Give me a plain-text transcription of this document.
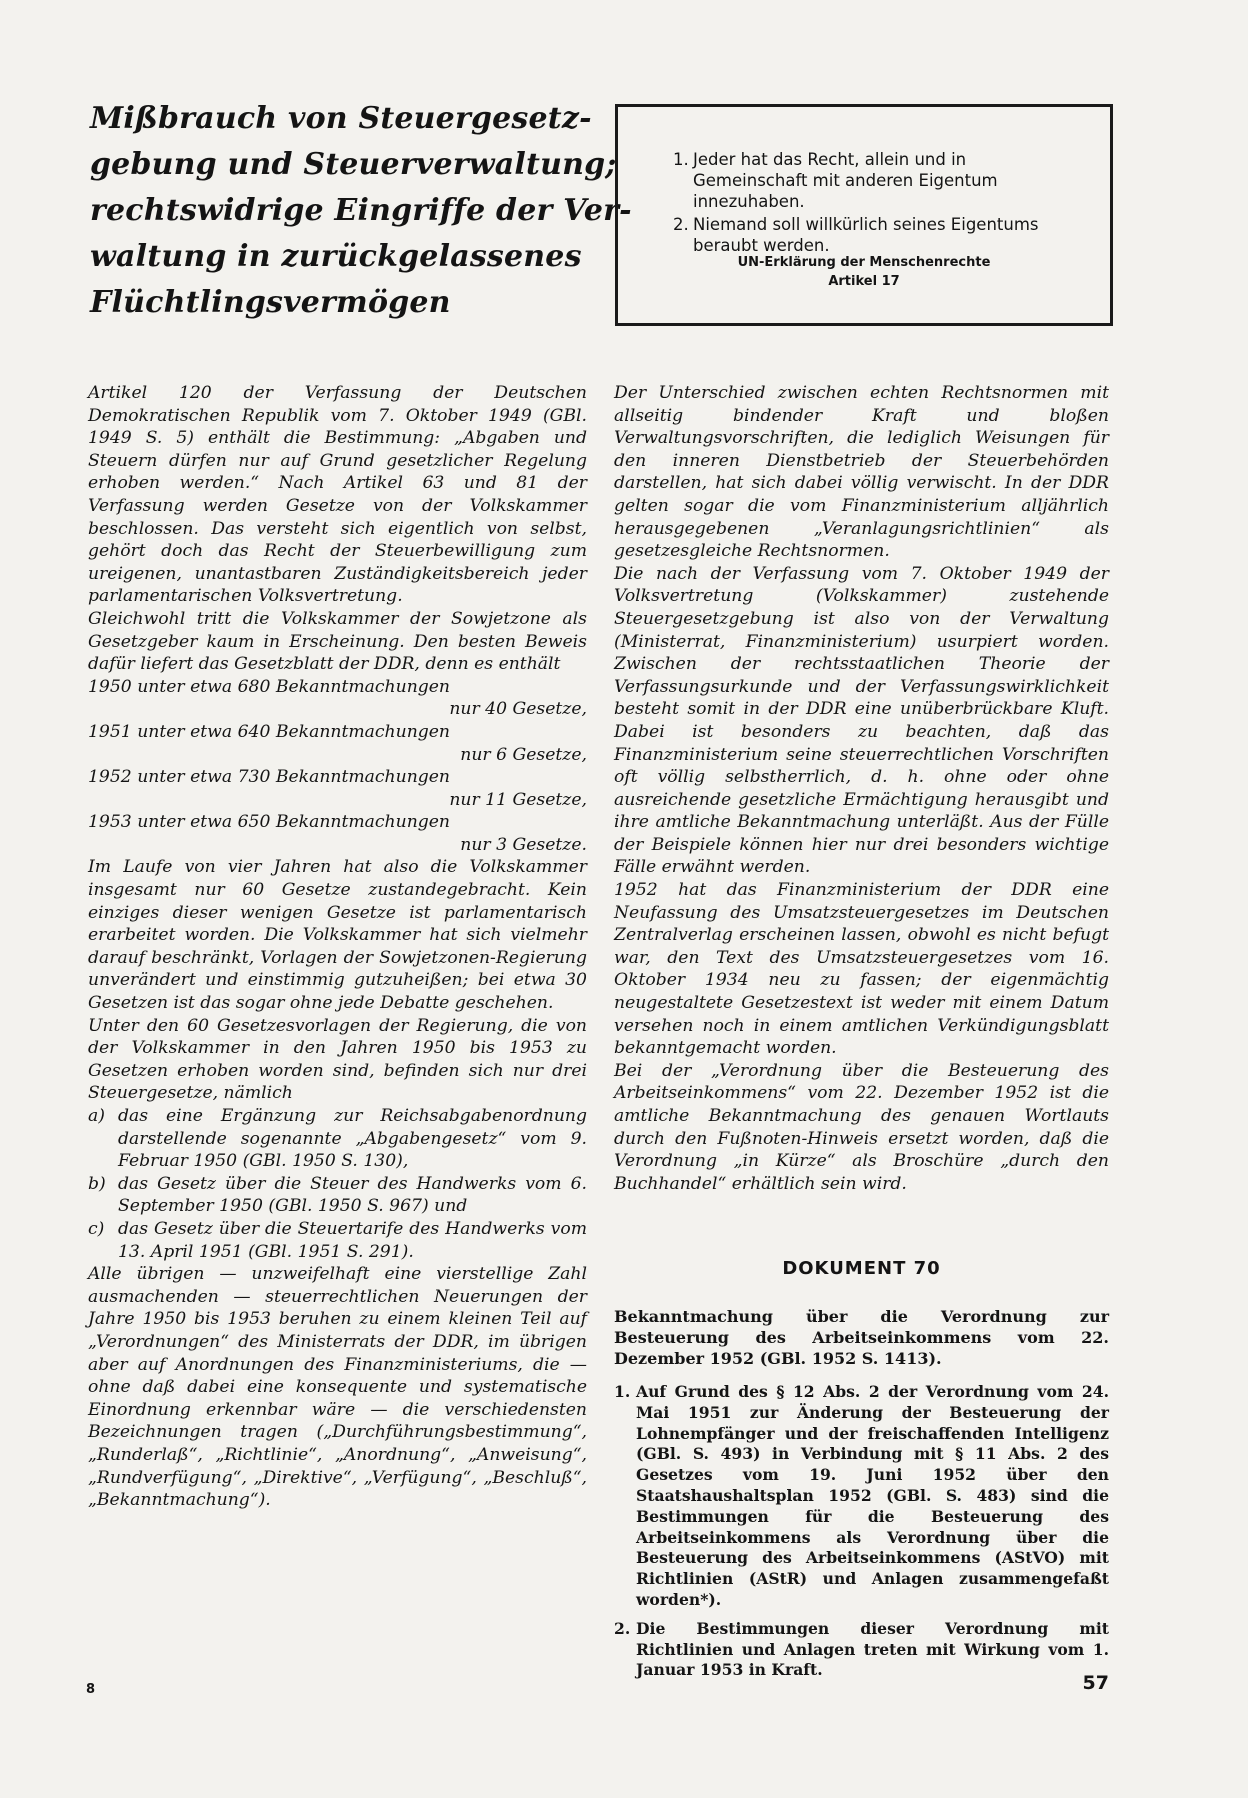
Mißbrauch von Steuergesetz-
gebung und Steuerverwaltung;
rechtswidrige Eingriffe der Ver-
waltung in zurückgelassenes
Flüchtlingsvermögen
1. Jeder hat das Recht, allein und in Gemeinschaft mit anderen Eigentum innezuhaben.
2. Niemand soll willkürlich seines Eigentums beraubt werden.
UN-Erklärung der Menschenrechte
Artikel 17

Artikel 120 der Verfassung der Deutschen Demokratischen Republik vom 7. Oktober 1949 (GBl. 1949 S. 5) enthält die Bestimmung: „Abgaben und Steuern dürfen nur auf Grund gesetzlicher Regelung erhoben werden.“ Nach Artikel 63 und 81 der Verfassung werden Gesetze von der Volkskammer beschlossen. Das versteht sich eigentlich von selbst, gehört doch das Recht der Steuerbewilligung zum ureigenen, unantastbaren Zuständigkeitsbereich jeder parlamentarischen Volksvertretung.

Gleichwohl tritt die Volkskammer der Sowjetzone als Gesetzgeber kaum in Erscheinung. Den besten Beweis dafür liefert das Gesetzblatt der DDR, denn es enthält

1950 unter etwa 680 Bekanntmachungen
nur 40 Gesetze,
1951 unter etwa 640 Bekanntmachungen
nur 6 Gesetze,
1952 unter etwa 730 Bekanntmachungen
nur 11 Gesetze,
1953 unter etwa 650 Bekanntmachungen
nur 3 Gesetze.

Im Laufe von vier Jahren hat also die Volkskammer insgesamt nur 60 Gesetze zustandegebracht. Kein einziges dieser wenigen Gesetze ist parlamentarisch erarbeitet worden. Die Volkskammer hat sich vielmehr darauf beschränkt, Vorlagen der Sowjetzonen-Regierung unverändert und einstimmig gutzuheißen; bei etwa 30 Gesetzen ist das sogar ohne jede Debatte geschehen.

Unter den 60 Gesetzesvorlagen der Regierung, die von der Volkskammer in den Jahren 1950 bis 1953 zu Gesetzen erhoben worden sind, befinden sich nur drei Steuergesetze, nämlich

a) das eine Ergänzung zur Reichsabgabenordnung darstellende sogenannte „Abgabengesetz“ vom 9. Februar 1950 (GBl. 1950 S. 130),
b) das Gesetz über die Steuer des Handwerks vom 6. September 1950 (GBl. 1950 S. 967) und
c) das Gesetz über die Steuertarife des Handwerks vom 13. April 1951 (GBl. 1951 S. 291).

Alle übrigen — unzweifelhaft eine vierstellige Zahl ausmachenden — steuerrechtlichen Neuerungen der Jahre 1950 bis 1953 beruhen zu einem kleinen Teil auf „Verordnungen“ des Ministerrats der DDR, im übrigen aber auf Anordnungen des Finanzministeriums, die — ohne daß dabei eine konsequente und systematische Einordnung erkennbar wäre — die verschiedensten Bezeichnungen tragen („Durchführungsbestimmung“, „Runderlaß“, „Richtlinie“, „Anordnung“, „Anweisung“, „Rundverfügung“, „Direktive“, „Verfügung“, „Beschluß“, „Bekanntmachung“).

Der Unterschied zwischen echten Rechtsnormen mit allseitig bindender Kraft und bloßen Verwaltungsvorschriften, die lediglich Weisungen für den inneren Dienstbetrieb der Steuerbehörden darstellen, hat sich dabei völlig verwischt. In der DDR gelten sogar die vom Finanzministerium alljährlich herausgegebenen „Veranlagungsrichtlinien“ als gesetzesgleiche Rechtsnormen.

Die nach der Verfassung vom 7. Oktober 1949 der Volksvertretung (Volkskammer) zustehende Steuergesetzgebung ist also von der Verwaltung (Ministerrat, Finanzministerium) usurpiert worden. Zwischen der rechtsstaatlichen Theorie der Verfassungsurkunde und der Verfassungswirklichkeit besteht somit in der DDR eine unüberbrückbare Kluft. Dabei ist besonders zu beachten, daß das Finanzministerium seine steuerrechtlichen Vorschriften oft völlig selbstherrlich, d. h. ohne oder ohne ausreichende gesetzliche Ermächtigung herausgibt und ihre amtliche Bekanntmachung unterläßt. Aus der Fülle der Beispiele können hier nur drei besonders wichtige Fälle erwähnt werden.

1952 hat das Finanzministerium der DDR eine Neufassung des Umsatzsteuergesetzes im Deutschen Zentralverlag erscheinen lassen, obwohl es nicht befugt war, den Text des Umsatzsteuergesetzes vom 16. Oktober 1934 neu zu fassen; der eigenmächtig neugestaltete Gesetzestext ist weder mit einem Datum versehen noch in einem amtlichen Verkündigungsblatt bekanntgemacht worden.

Bei der „Verordnung über die Besteuerung des Arbeitseinkommens“ vom 22. Dezember 1952 ist die amtliche Bekanntmachung des genauen Wortlauts durch den Fußnoten-Hinweis ersetzt worden, daß die Verordnung „in Kürze“ als Broschüre „durch den Buchhandel“ erhältlich sein wird.

DOKUMENT 70
Bekanntmachung über die Verordnung zur Besteuerung des Arbeitseinkommens vom 22. Dezember 1952 (GBl. 1952 S. 1413).
1. Auf Grund des § 12 Abs. 2 der Verordnung vom 24. Mai 1951 zur Änderung der Besteuerung der Lohnempfänger und der freischaffenden Intelligenz (GBl. S. 493) in Verbindung mit § 11 Abs. 2 des Gesetzes vom 19. Juni 1952 über den Staatshaushaltsplan 1952 (GBl. S. 483) sind die Bestimmungen für die Besteuerung des Arbeitseinkommens als Verordnung über die Besteuerung des Arbeitseinkommens (AStVO) mit Richtlinien (AStR) und Anlagen zusammengefaßt worden*).
2. Die Bestimmungen dieser Verordnung mit Richtlinien und Anlagen treten mit Wirkung vom 1. Januar 1953 in Kraft.
8	57
